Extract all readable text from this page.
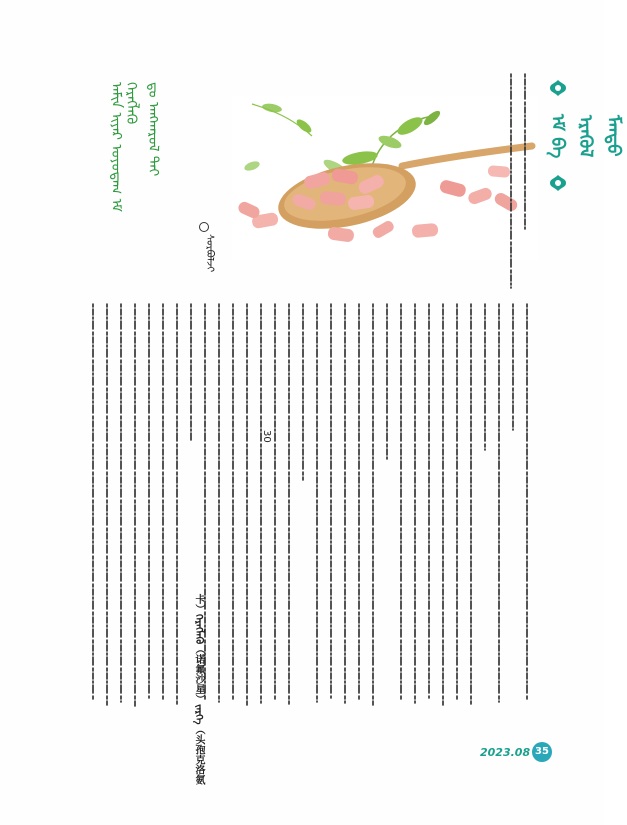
ᠡᠮ ᠪᠠ ᠡᠷᠡᠭᠦᠯ ᠮᠡᠨᠳᠦ
ᠠᠮᠢᠨ ᠢᠶᠠᠷ ᠣᠶᠤᠳᠠᠭ ᠡᠮ ᠬᠡᠷᠡᠭᠯᠡᠬᠦ ᠳᠤ ᠠᠩᠬᠠᠷᠤᠯ ᠲᠠᠢ
ᠰᠤᠷᠪᠤᠯᠵᠢ
卡）ᠬᠡᠷᠡᠭᠯᠡᠬᠦ（诺氟沙星）ᠵᠡᠷᠭᠡ（头孢克洛氨
30
2023.08 35
